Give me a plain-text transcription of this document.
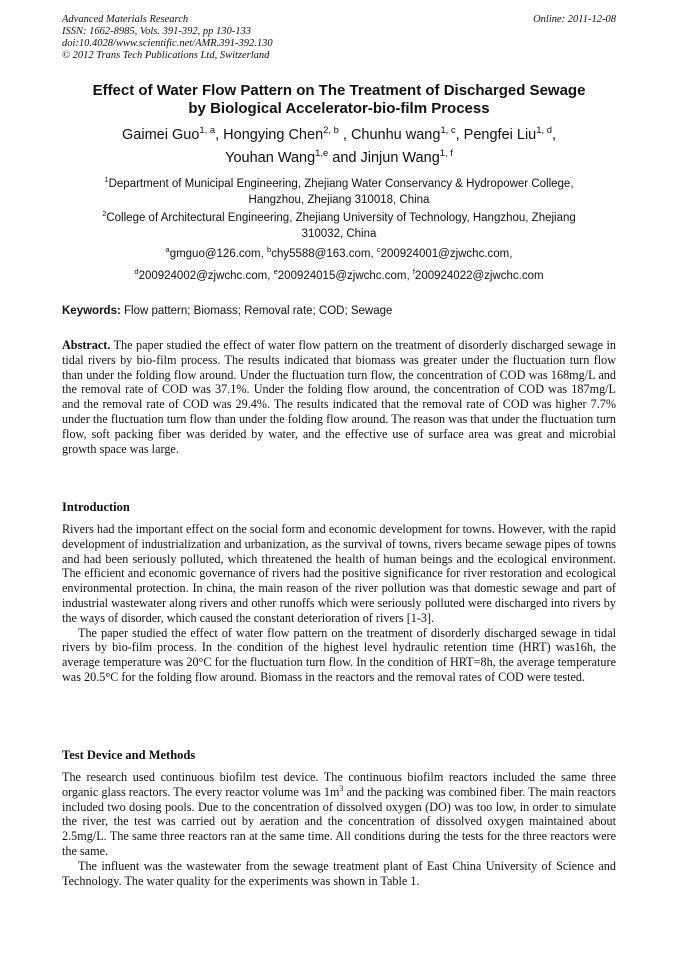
Advanced Materials Research
ISSN: 1662-8985, Vols. 391-392, pp 130-133
doi:10.4028/www.scientific.net/AMR.391-392.130
© 2012 Trans Tech Publications Ltd, Switzerland
Online: 2011-12-08
Effect of Water Flow Pattern on The Treatment of Discharged Sewage
by Biological Accelerator-bio-film Process
Gaimei Guo$^{1, a}$, Hongying Chen$^{2, b}$ , Chunhu wang$^{1, c}$, Pengfei Liu$^{1, d}$,
Youhan Wang$^{1,e}$ and Jinjun Wang$^{1, f}$
$^1$Department of Municipal Engineering, Zhejiang Water Conservancy & Hydropower College,
Hangzhou, Zhejiang 310018, China
$^2$College of Architectural Engineering, Zhejiang University of Technology, Hangzhou, Zhejiang
310032, China
$^a$gmguo@126.com, $^b$chy5588@163.com, $^c$200924001@zjwchc.com,
$^d$200924002@zjwchc.com, $^e$200924015@zjwchc.com, $^f$200924022@zjwchc.com
Keywords: Flow pattern; Biomass; Removal rate; COD; Sewage
Abstract. The paper studied the effect of water flow pattern on the treatment of disorderly discharged sewage in tidal rivers by bio-film process. The results indicated that biomass was greater under the fluctuation turn flow than under the folding flow around. Under the fluctuation turn flow, the concentration of COD was 168mg/L and the removal rate of COD was 37.1%. Under the folding flow around, the concentration of COD was 187mg/L and the removal rate of COD was 29.4%. The results indicated that the removal rate of COD was higher 7.7% under the fluctuation turn flow than under the folding flow around. The reason was that under the fluctuation turn flow, soft packing fiber was derided by water, and the effective use of surface area was great and microbial growth space was large.
Introduction

Rivers had the important effect on the social form and economic development for towns. However, with the rapid development of industrialization and urbanization, as the survival of towns, rivers became sewage pipes of towns and had been seriously polluted, which threatened the health of human beings and the ecological environment. The efficient and economic governance of rivers had the positive significance for river restoration and ecological environmental protection. In china, the main reason of the river pollution was that domestic sewage and part of industrial wastewater along rivers and other runoffs which were seriously polluted were discharged into rivers by the ways of disorder, which caused the constant deterioration of rivers [1-3].

The paper studied the effect of water flow pattern on the treatment of disorderly discharged sewage in tidal rivers by bio-film process. In the condition of the highest level hydraulic retention time (HRT) was16h, the average temperature was 20°C for the fluctuation turn flow. In the condition of HRT=8h, the average temperature was 20.5°C for the folding flow around. Biomass in the reactors and the removal rates of COD were tested.

Test Device and Methods

The research used continuous biofilm test device. The continuous biofilm reactors included the same three organic glass reactors. The every reactor volume was $1m^3$ and the packing was combined fiber. The main reactors included two dosing pools. Due to the concentration of dissolved oxygen (DO) was too low, in order to simulate the river, the test was carried out by aeration and the concentration of dissolved oxygen maintained about 2.5mg/L. The same three reactors ran at the same time. All conditions during the tests for the three reactors were the same.

The influent was the wastewater from the sewage treatment plant of East China University of Science and Technology. The water quality for the experiments was shown in Table 1.
